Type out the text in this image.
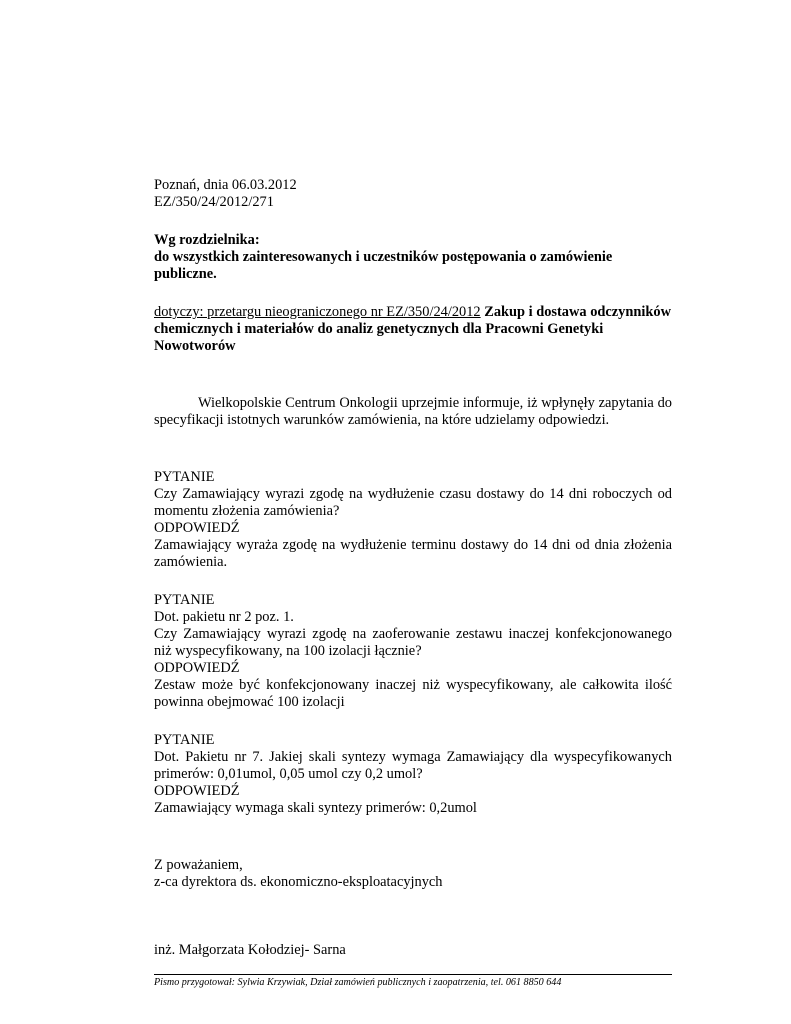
Poznań, dnia 06.03.2012

EZ/350/24/2012/271

Wg rozdzielnika:

do wszystkich zainteresowanych i uczestników postępowania o zamówienie publiczne.

dotyczy: przetargu nieograniczonego nr EZ/350/24/2012 Zakup i dostawa odczynników chemicznych i materiałów do analiz genetycznych dla Pracowni Genetyki Nowotworów

Wielkopolskie Centrum Onkologii uprzejmie informuje, iż wpłynęły zapytania do specyfikacji istotnych warunków zamówienia, na które udzielamy odpowiedzi.

PYTANIE

Czy Zamawiający wyrazi zgodę na wydłużenie czasu dostawy do 14 dni roboczych od momentu złożenia zamówienia?

ODPOWIEDŹ

Zamawiający wyraża zgodę na wydłużenie terminu dostawy do 14 dni od dnia złożenia zamówienia.

PYTANIE

Dot. pakietu nr 2 poz. 1.

Czy Zamawiający wyrazi zgodę na zaoferowanie zestawu inaczej konfekcjonowanego niż wyspecyfikowany, na 100 izolacji łącznie?

ODPOWIEDŹ

Zestaw może być konfekcjonowany inaczej niż wyspecyfikowany, ale całkowita ilość powinna obejmować 100 izolacji

PYTANIE

Dot. Pakietu nr 7. Jakiej skali syntezy wymaga Zamawiający dla wyspecyfikowanych primerów: 0,01umol, 0,05 umol czy 0,2 umol?

ODPOWIEDŹ

Zamawiający wymaga skali syntezy primerów: 0,2umol

Z poważaniem,

z-ca dyrektora ds. ekonomiczno-eksploatacyjnych

inż. Małgorzata Kołodziej- Sarna

Pismo przygotował: Sylwia Krzywiak, Dział zamówień publicznych i zaopatrzenia, tel. 061 8850 644
